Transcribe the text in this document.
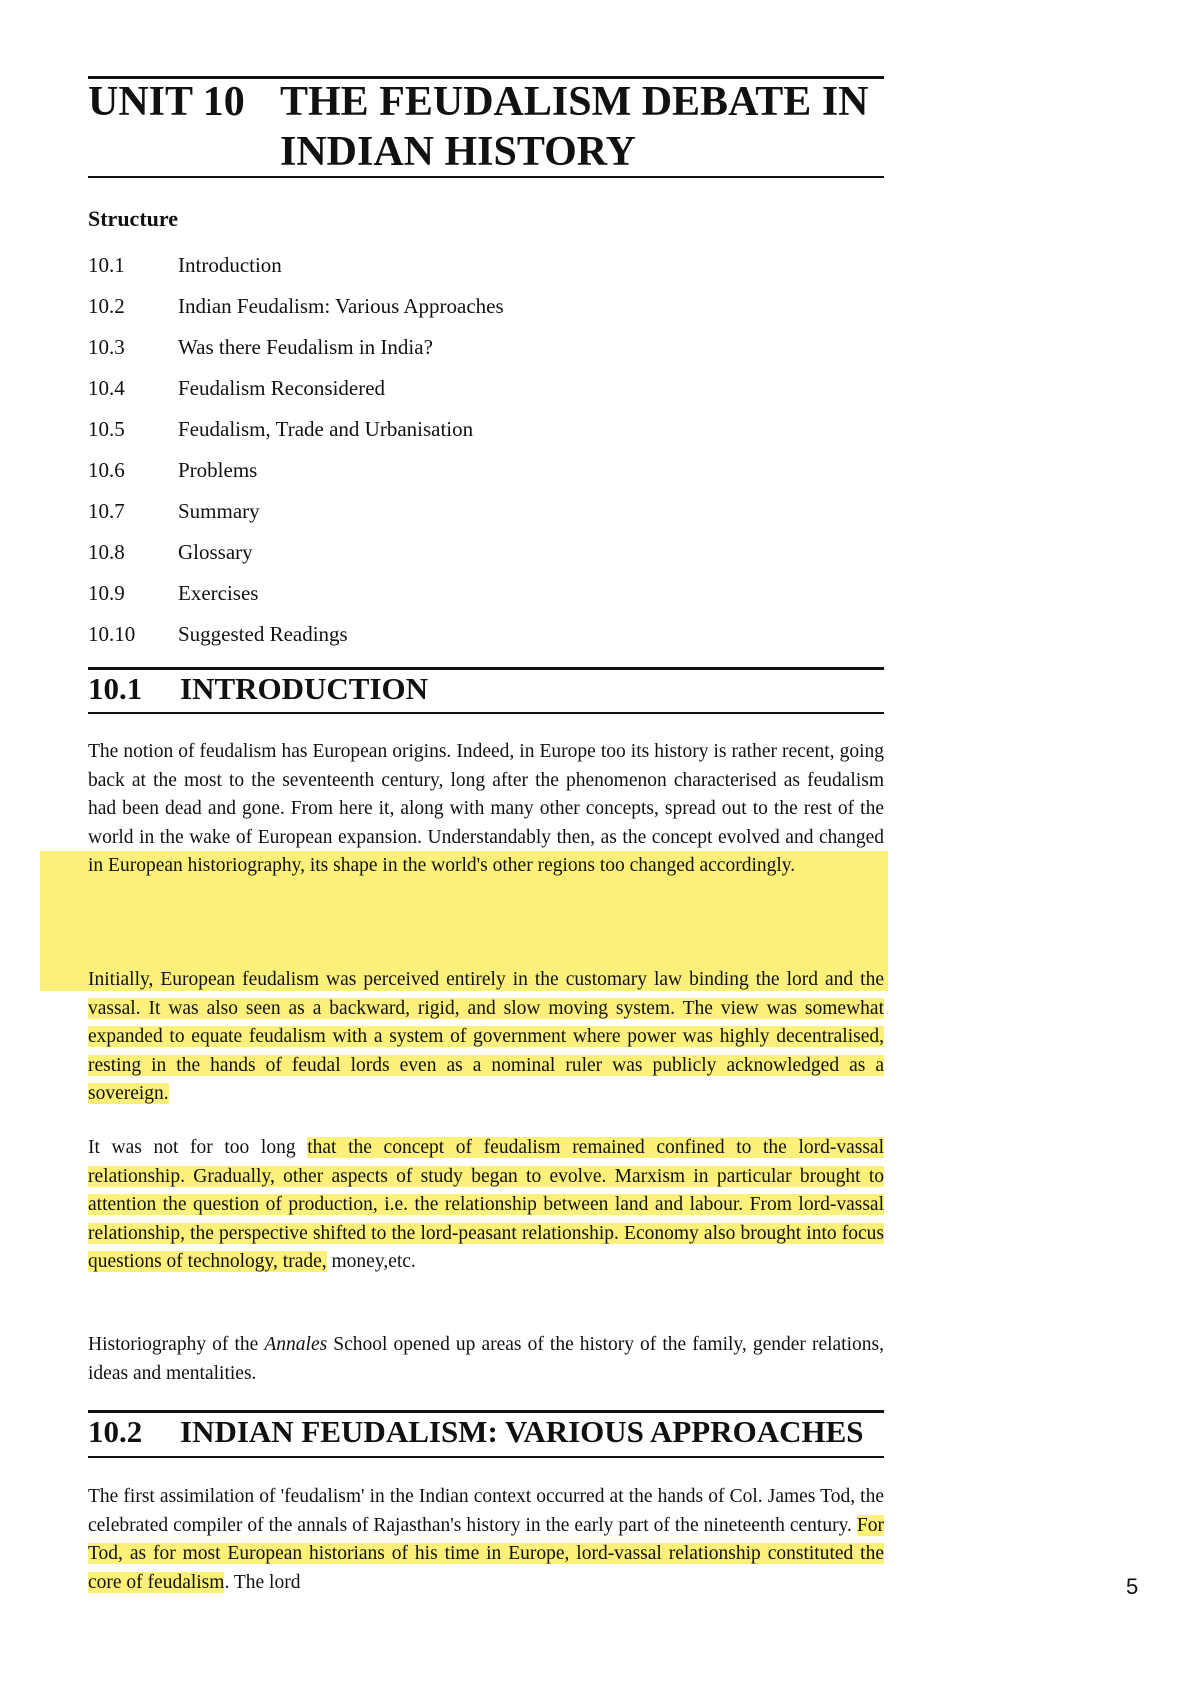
UNIT 10 THE FEUDALISM DEBATE IN
INDIAN HISTORY
Structure
10.1	Introduction
10.2	Indian Feudalism: Various Approaches
10.3	Was there Feudalism in India?
10.4	Feudalism Reconsidered
10.5	Feudalism, Trade and Urbanisation
10.6	Problems
10.7	Summary
10.8	Glossary
10.9	Exercises
10.10 Suggested Readings
10.1 INTRODUCTION
The notion of feudalism has European origins. Indeed, in Europe too its history is rather recent, going back at the most to the seventeenth century, long after the phenomenon characterised as feudalism had been dead and gone. From here it, along with many other concepts, spread out to the rest of the world in the wake of European expansion. Understandably then, as the concept evolved and changed in European historiography, its shape in the world's other regions too changed accordingly.
Initially, European feudalism was perceived entirely in the customary law binding the lord and the vassal. It was also seen as a backward, rigid, and slow moving system. The view was somewhat expanded to equate feudalism with a system of government where power was highly decentralised, resting in the hands of feudal lords even as a nominal ruler was publicly acknowledged as a sovereign.
It was not for too long that the concept of feudalism remained confined to the lord-vassal relationship. Gradually, other aspects of study began to evolve. Marxism in particular brought to attention the question of production, i.e. the relationship between land and labour. From lord-vassal relationship, the perspective shifted to the lord-peasant relationship. Economy also brought into focus questions of technology, trade, money,etc.
Historiography of the Annales School opened up areas of the history of the family, gender relations, ideas and mentalities.
10.2 INDIAN FEUDALISM: VARIOUS APPROACHES
The first assimilation of 'feudalism' in the Indian context occurred at the hands of Col. James Tod, the celebrated compiler of the annals of Rajasthan's history in the early part of the nineteenth century. For Tod, as for most European historians of his time in Europe, lord-vassal relationship constituted the core of feudalism. The lord	5
